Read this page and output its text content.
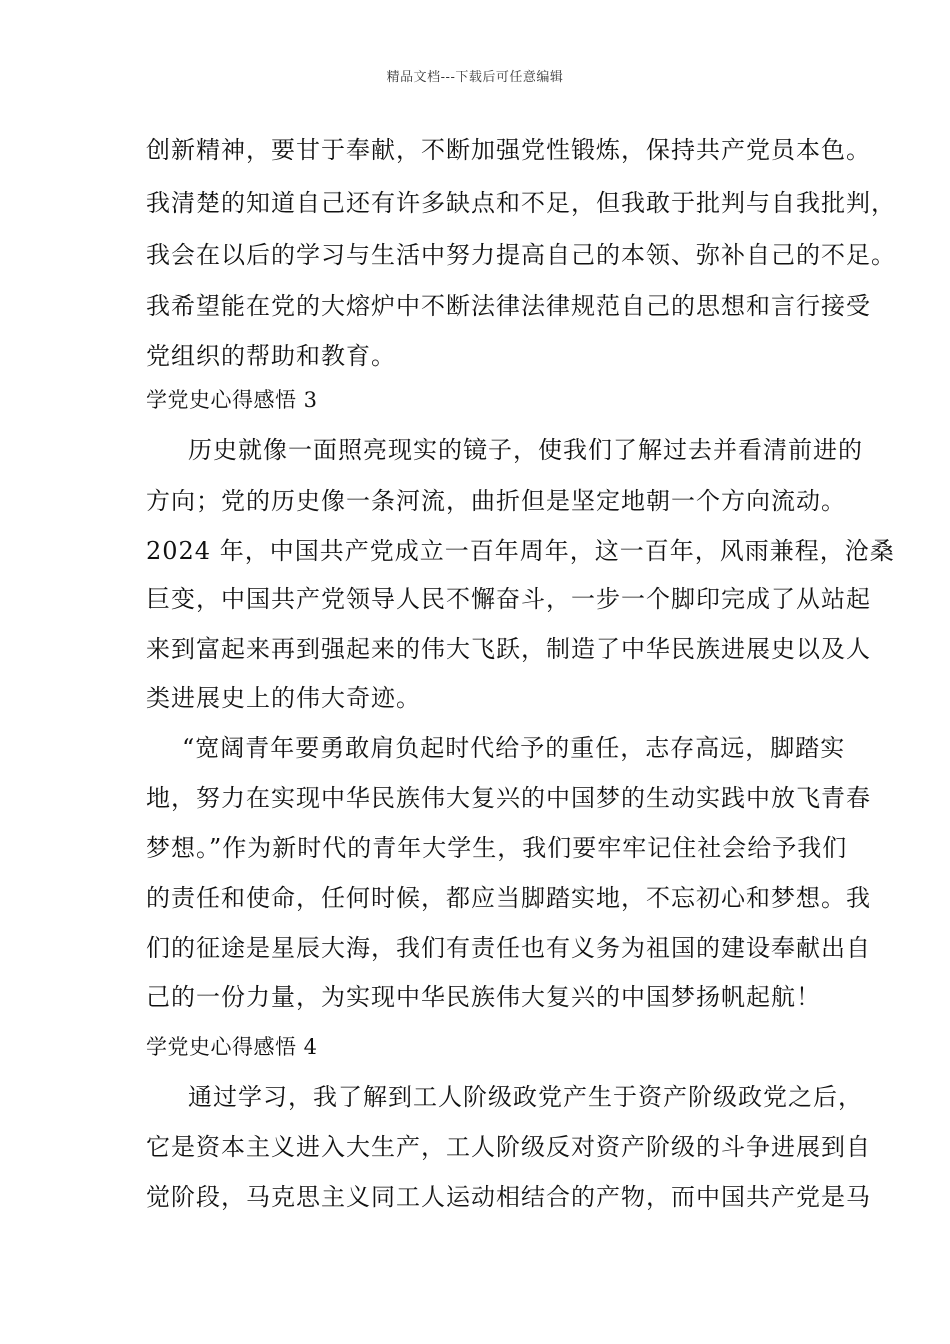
精品文档---下载后可任意编辑
创新精神，要甘于奉献，不断加强党性锻炼，保持共产党员本色。
我清楚的知道自己还有许多缺点和不足，但我敢于批判与自我批判，
我会在以后的学习与生活中努力提高自己的本领、弥补自己的不足。
我希望能在党的大熔炉中不断法律法律规范自己的思想和言行接受
党组织的帮助和教育。
学党史心得感悟 3
历史就像一面照亮现实的镜子，使我们了解过去并看清前进的
方向；党的历史像一条河流，曲折但是坚定地朝一个方向流动。
2024 年，中国共产党成立一百年周年，这一百年，风雨兼程，沧桑
巨变，中国共产党领导人民不懈奋斗，一步一个脚印完成了从站起
来到富起来再到强起来的伟大飞跃，制造了中华民族进展史以及人
类进展史上的伟大奇迹。
“宽阔青年要勇敢肩负起时代给予的重任，志存高远，脚踏实
地，努力在实现中华民族伟大复兴的中国梦的生动实践中放飞青春
梦想。”作为新时代的青年大学生，我们要牢牢记住社会给予我们
的责任和使命，任何时候，都应当脚踏实地，不忘初心和梦想。我
们的征途是星辰大海，我们有责任也有义务为祖国的建设奉献出自
己的一份力量，为实现中华民族伟大复兴的中国梦扬帆起航！
学党史心得感悟 4
通过学习，我了解到工人阶级政党产生于资产阶级政党之后，
它是资本主义进入大生产，工人阶级反对资产阶级的斗争进展到自
觉阶段，马克思主义同工人运动相结合的产物，而中国共产党是马
